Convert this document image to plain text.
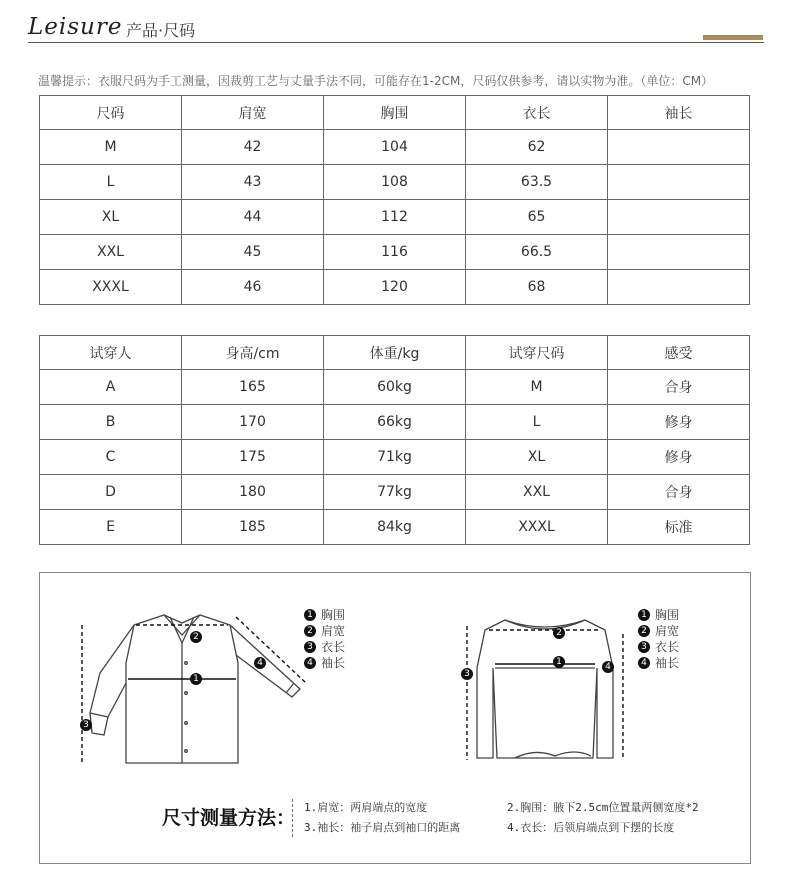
Leisure 产品·尺码
温馨提示：衣服尺码为手工测量，因裁剪工艺与丈量手法不同，可能存在1-2CM，尺码仅供参考，请以实物为准。（单位：CM）
尺码	肩宽	胸围	衣长	袖长
M	42	104	62	
L	43	108	63.5	
XL	44	112	65	
XXL	45	116	66.5	
XXXL	46	120	68	
试穿人	身高/cm	体重/kg	试穿尺码	感受
A	165	60kg	M	合身
B	170	66kg	L	修身
C	175	71kg	XL	修身
D	180	77kg	XXL	合身
E	185	84kg	XXXL	标准
1
2
3
4
1 胸围
2 肩宽
3 衣长
4 袖长	1
2
3
4
1 胸围
2 肩宽
3 衣长
4 袖长
尺寸测量方法： 1.肩宽：两肩端点的宽度
3.袖长：袖子肩点到袖口的距离
2.胸围：腋下2.5cm位置量两侧宽度*2
4.衣长：后领肩端点到下摆的长度
